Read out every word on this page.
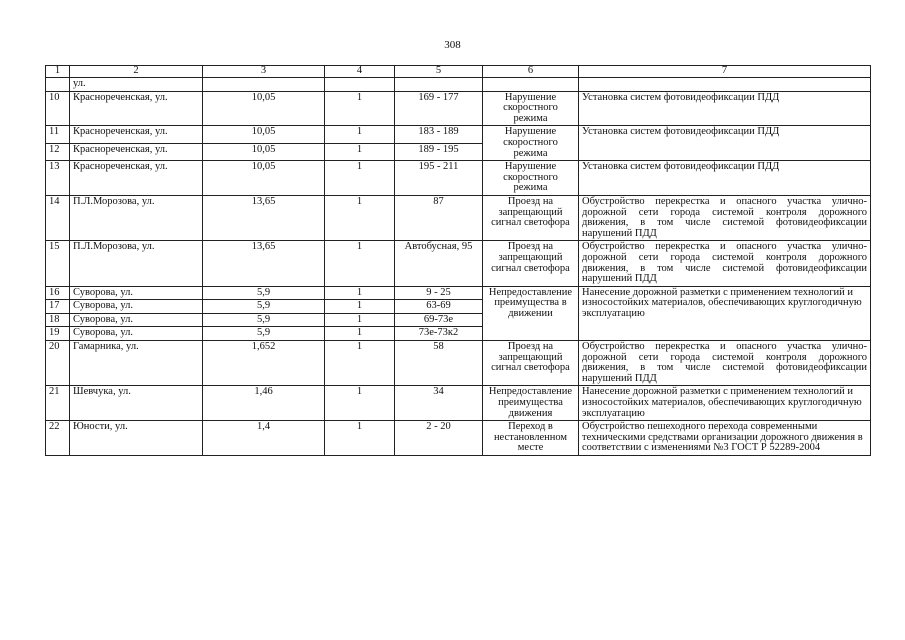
308
1	2	3	4	5	6	7
	ул.					
10	Краснореченская, ул.	10,05	1	169 - 177	Нарушение скоростного режима	Установка систем фотовидеофиксации ПДД
11	Краснореченская, ул.	10,05	1	183 - 189	Нарушение скоростного режима	Установка систем фотовидеофиксации ПДД
12	Краснореченская, ул.	10,05	1	189 - 195		
13	Краснореченская, ул.	10,05	1	195 - 211	Нарушение скоростного режима	Установка систем фотовидеофиксации ПДД
14	П.Л.Морозова, ул.	13,65	1	87	Проезд на запрещающий сигнал светофора	Обустройство перекрестка и опасного участка улично-дорожной сети города системой контроля дорожного движения, в том числе системой фотовидеофиксации нарушений ПДД
15	П.Л.Морозова, ул.	13,65	1	Автобусная, 95	Проезд на запрещающий сигнал светофора	Обустройство перекрестка и опасного участка улично-дорожной сети города системой контроля дорожного движения, в том числе системой фотовидеофиксации нарушений ПДД
16	Суворова, ул.	5,9	1	9 - 25	Непредоставление преимущества в движении	Нанесение дорожной разметки с применением технологий и износостойких материалов, обеспечивающих круглогодичную эксплуатацию
17	Суворова, ул.	5,9	1	63-69		
18	Суворова, ул.	5,9	1	69-73е		
19	Суворова, ул.	5,9	1	73е-73к2		
20	Гамарника, ул.	1,652	1	58	Проезд на запрещающий сигнал светофора	Обустройство перекрестка и опасного участка улично-дорожной сети города системой контроля дорожного движения, в том числе системой фотовидеофиксации нарушений ПДД
21	Шевчука, ул.	1,46	1	34	Непредоставление преимущества движения	Нанесение дорожной разметки с применением технологий и износостойких материалов, обеспечивающих круглогодичную эксплуатацию
22	Юности, ул.	1,4	1	2 - 20	Переход в нестановленном месте	Обустройство пешеходного перехода современными техническими средствами организации дорожного движения в соответствии с изменениями №3 ГОСТ Р 52289-2004
